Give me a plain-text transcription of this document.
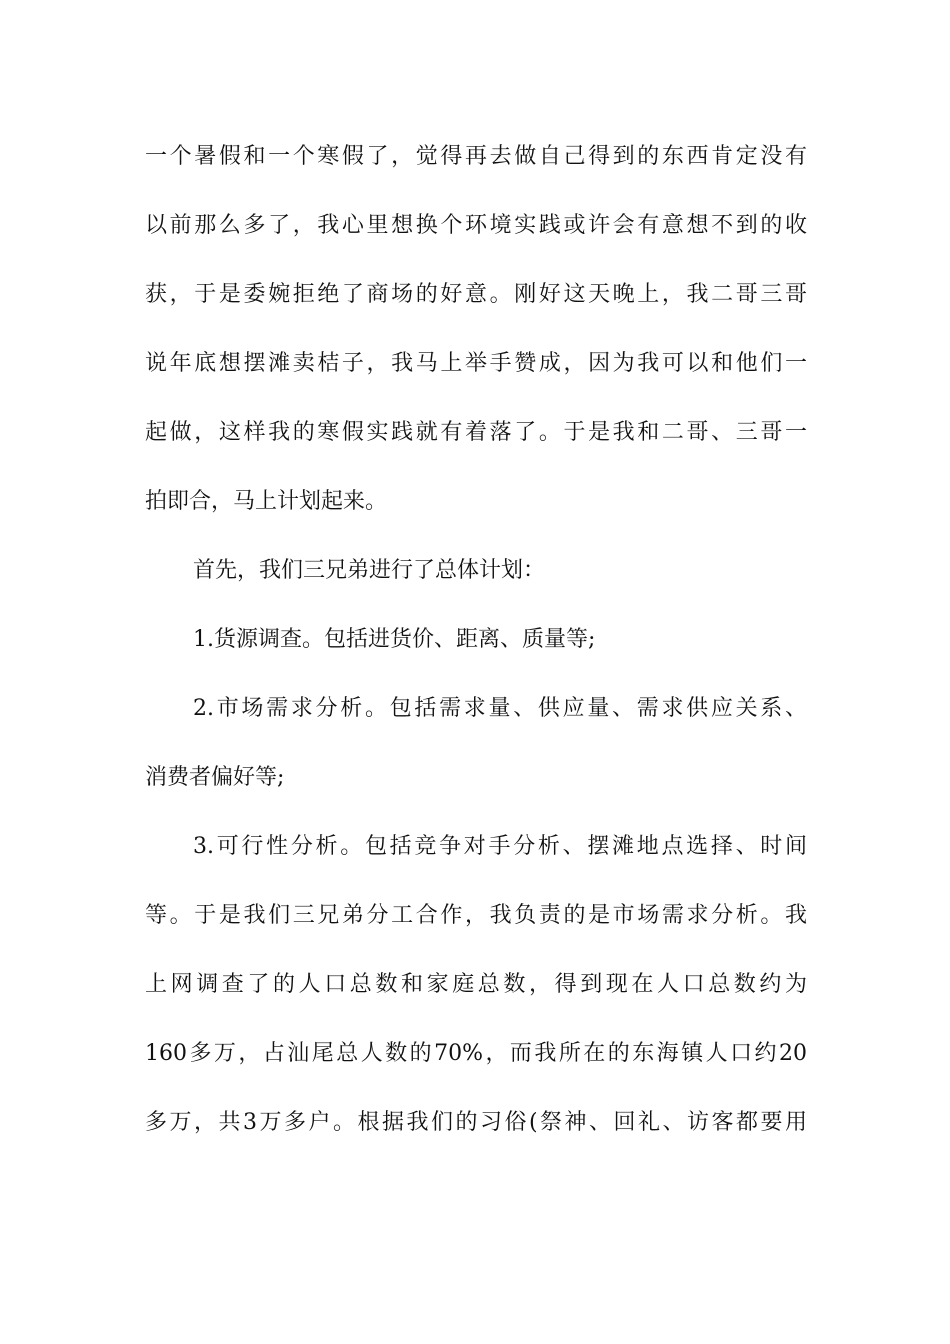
一个暑假和一个寒假了，觉得再去做自己得到的东西肯定没有
以前那么多了，我心里想换个环境实践或许会有意想不到的收
获，于是委婉拒绝了商场的好意。刚好这天晚上，我二哥三哥
说年底想摆滩卖桔子，我马上举手赞成，因为我可以和他们一
起做，这样我的寒假实践就有着落了。于是我和二哥、三哥一
拍即合，马上计划起来。
首先，我们三兄弟进行了总体计划：
1.货源调查。包括进货价、距离、质量等;
2.市场需求分析。包括需求量、供应量、需求供应关系、
消费者偏好等;
3.可行性分析。包括竞争对手分析、摆滩地点选择、时间
等。于是我们三兄弟分工合作，我负责的是市场需求分析。我
上网调查了的人口总数和家庭总数，得到现在人口总数约为
160多万，占汕尾总人数的70%，而我所在的东海镇人口约20
多万，共3万多户。根据我们的习俗(祭神、回礼、访客都要用
